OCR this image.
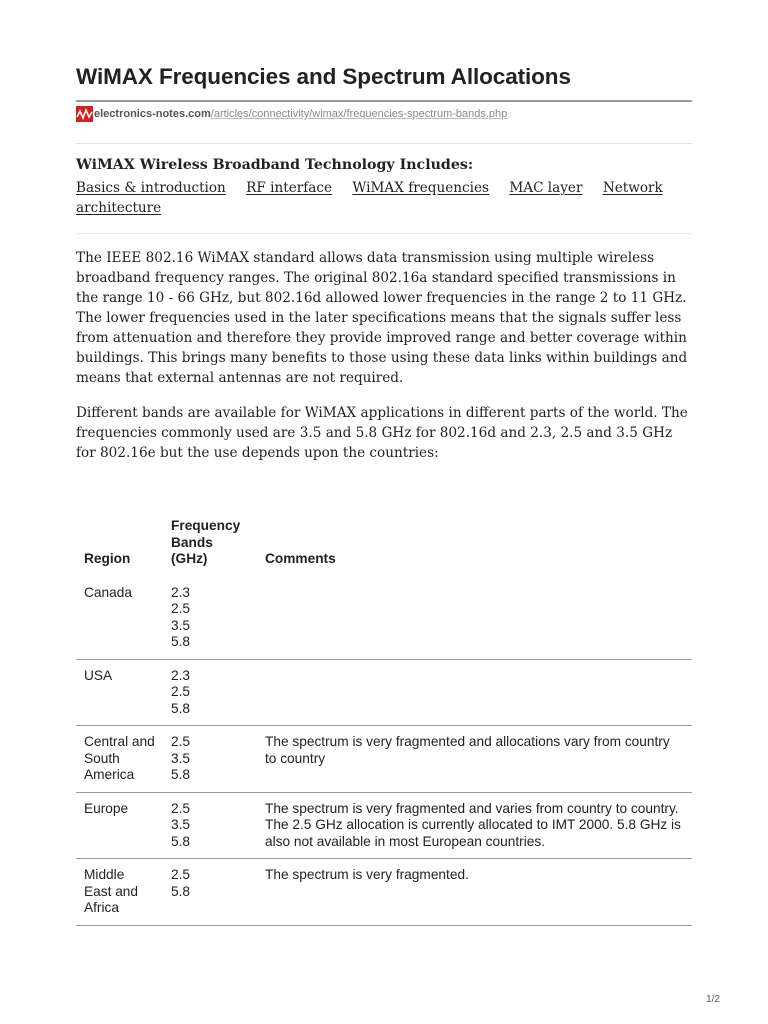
WiMAX Frequencies and Spectrum Allocations
electronics-notes.com /articles/connectivity/wimax/frequencies-spectrum-bands.php
WiMAX Wireless Broadband Technology Includes:
Basics & introduction RF interface WiMAX frequencies MAC layer Network architecture

The IEEE 802.16 WiMAX standard allows data transmission using multiple wireless broadband frequency ranges. The original 802.16a standard specified transmissions in the range 10 - 66 GHz, but 802.16d allowed lower frequencies in the range 2 to 11 GHz. The lower frequencies used in the later specifications means that the signals suffer less from attenuation and therefore they provide improved range and better coverage within buildings. This brings many benefits to those using these data links within buildings and means that external antennas are not required.

Different bands are available for WiMAX applications in different parts of the world. The frequencies commonly used are 3.5 and 5.8 GHz for 802.16d and 2.3, 2.5 and 3.5 GHz for 802.16e but the use depends upon the countries:

Region	Frequency Bands (GHz)	Comments
Canada	2.3
2.5
3.5
5.8	

USA	2.3
2.5
5.8	

Central and South America	2.5
3.5
5.8	The spectrum is very fragmented and allocations vary from country to country
Europe	2.5
3.5
5.8	The spectrum is very fragmented and varies from country to country. The 2.5 GHz allocation is currently allocated to IMT 2000. 5.8 GHz is also not available in most European countries.
Middle East and Africa	2.5
5.8	The spectrum is very fragmented.
1/2
